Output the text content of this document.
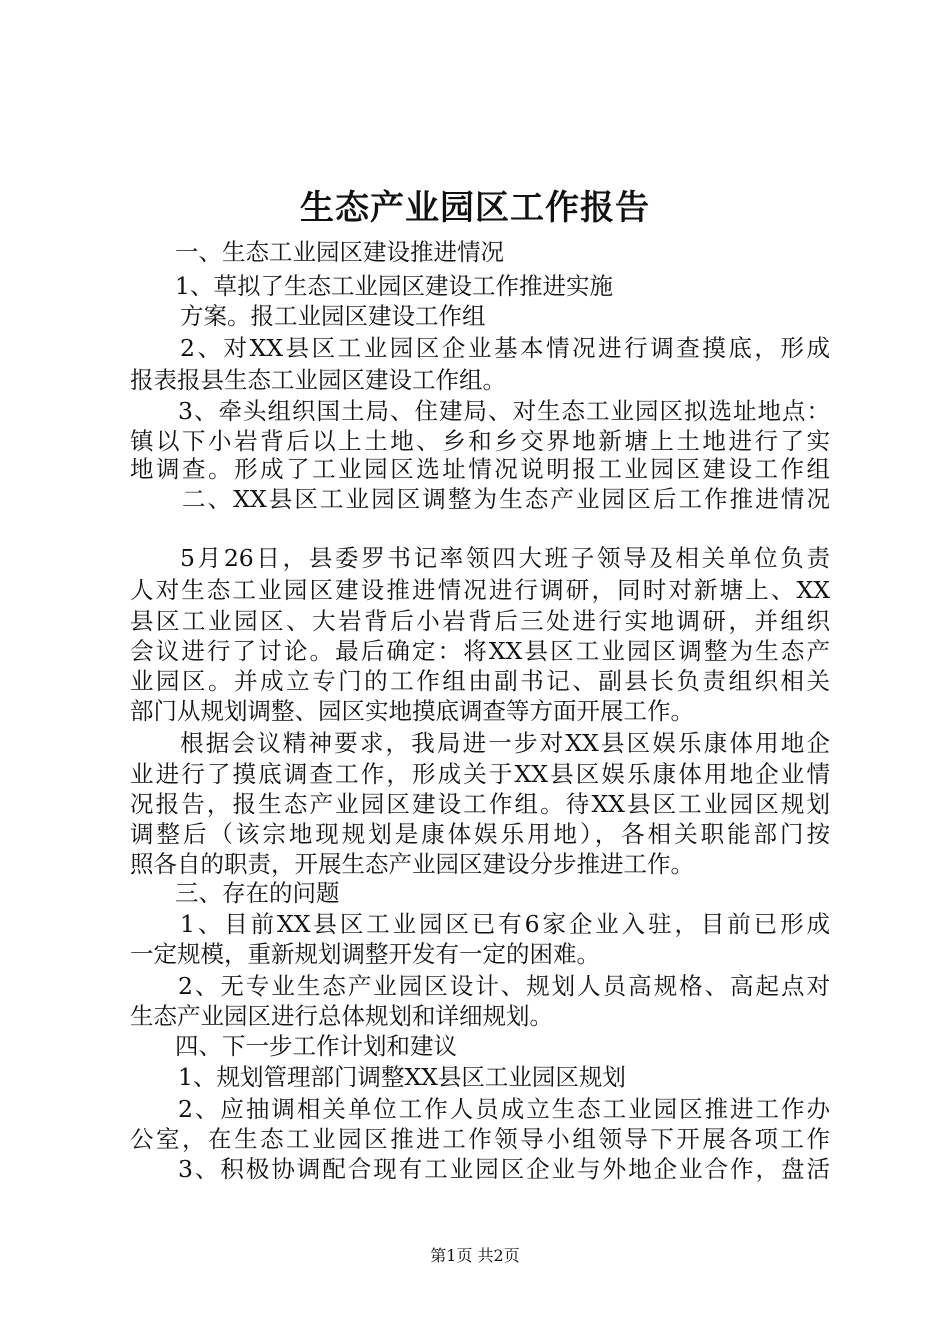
生态产业园区工作报告
一、生态工业园区建设推进情况
1、草拟了生态工业园区建设工作推进实施
方案。报工业园区建设工作组
2、对XX县区工业园区企业基本情况进行调查摸底，形成
报表报县生态工业园区建设工作组。
3、牵头组织国土局、住建局、对生态工业园区拟选址地点：
镇以下小岩背后以上土地、乡和乡交界地新塘上土地进行了实
地调查。形成了工业园区选址情况说明报工业园区建设工作组
二、XX县区工业园区调整为生态产业园区后工作推进情况
5月26日，县委罗书记率领四大班子领导及相关单位负责
人对生态工业园区建设推进情况进行调研，同时对新塘上、XX
县区工业园区、大岩背后小岩背后三处进行实地调研，并组织
会议进行了讨论。最后确定：将XX县区工业园区调整为生态产
业园区。并成立专门的工作组由副书记、副县长负责组织相关
部门从规划调整、园区实地摸底调查等方面开展工作。
根据会议精神要求，我局进一步对XX县区娱乐康体用地企
业进行了摸底调查工作，形成关于XX县区娱乐康体用地企业情
况报告，报生态产业园区建设工作组。待XX县区工业园区规划
调整后（该宗地现规划是康体娱乐用地），各相关职能部门按
照各自的职责，开展生态产业园区建设分步推进工作。
三、存在的问题
1、目前XX县区工业园区已有6家企业入驻，目前已形成
一定规模，重新规划调整开发有一定的困难。
2、无专业生态产业园区设计、规划人员高规格、高起点对
生态产业园区进行总体规划和详细规划。
四、下一步工作计划和建议
1、规划管理部门调整XX县区工业园区规划
2、应抽调相关单位工作人员成立生态工业园区推进工作办
公室，在生态工业园区推进工作领导小组领导下开展各项工作
3、积极协调配合现有工业园区企业与外地企业合作，盘活
第1页 共2页
